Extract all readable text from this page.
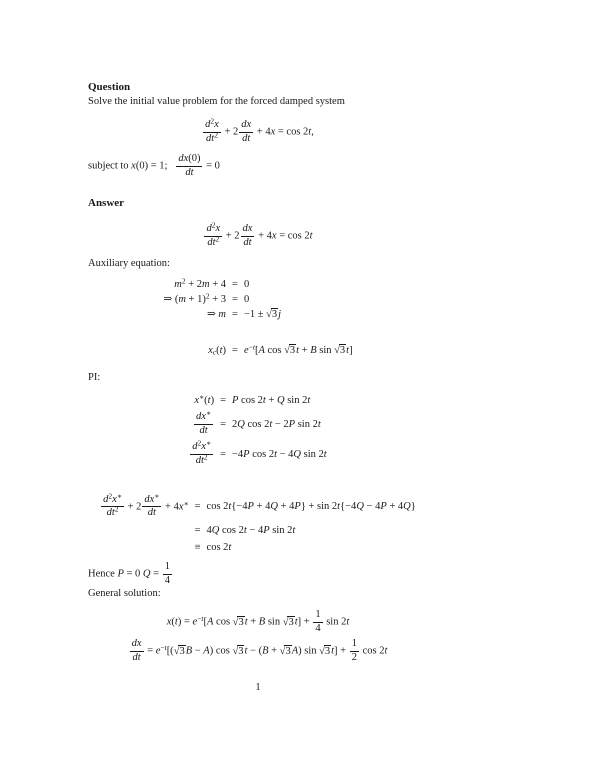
Question

Solve the initial value problem for the forced damped system

$\frac{d^2x}{dt^2} + 2 \frac{dx}{dt} + 4x = \cos 2t$,

subject to x(0) = 1;   $\frac{dx(0)}{dt} = 0$

Answer
$\frac{d^2x}{dt^2} + 2 \frac{dx}{dt} + 4x = \cos 2t$

Auxiliary equation:

$m^2 + 2m + 4 = 0$
⇒ $(m + 1)^2 + 3 = 0$
⇒ m = −1 ± √3j
$x_c(t) = e^{-t}[A$ cos √3t + B sin √3t]

PI:

x∗(t) = P cos 2t + Q sin 2t
$\frac{dx^∗}{dt} = 2Q$ cos 2t − 2P sin 2t
$\frac{d^2x^∗}{dt^2} = -4P$ cos 2t − 4Q sin 2t
$\frac{d^2x^∗}{dt^2} + 2 \frac{dx^∗}{dt} + 4x^∗ = \cos 2t\{-4P + 4Q + 4P\} + \sin 2t\{-4Q - 4P + 4Q\}$
= 4Q cos 2t − 4P sin 2t
≡ cos 2t

Hence P = 0 $Q = \frac{1}{4}$

General solution:

$x(t) = e^{-t}[A$ cos √3t + B $\sin √3t] + \frac{1}{4}$ sin 2t
$\frac{dx}{dt} = e^{-t}[(√3B - A)$ cos √3t − (B + √3A) $\sin √3t] + \frac{1}{2}$ cos 2t
1
